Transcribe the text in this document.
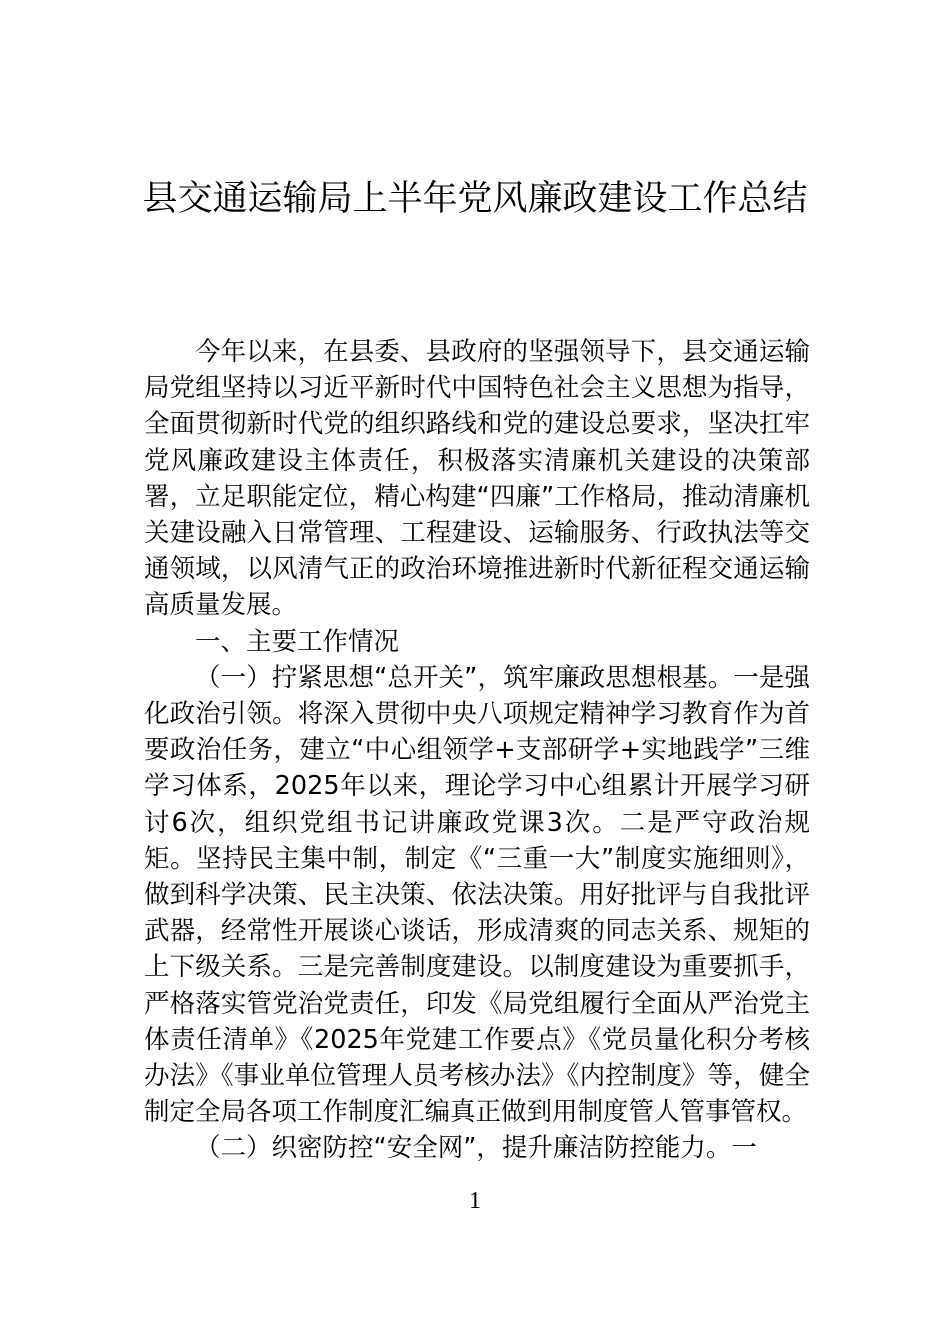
县交通运输局上半年党风廉政建设工作总结

今年以来，在县委、县政府的坚强领导下，县交通运输局党组坚持以习近平新时代中国特色社会主义思想为指导，全面贯彻新时代党的组织路线和党的建设总要求，坚决扛牢党风廉政建设主体责任，积极落实清廉机关建设的决策部署，立足职能定位，精心构建“四廉”工作格局，推动清廉机关建设融入日常管理、工程建设、运输服务、行政执法等交通领域，以风清气正的政治环境推进新时代新征程交通运输高质量发展。

一、主要工作情况

（一）拧紧思想“总开关”，筑牢廉政思想根基。一是强化政治引领。将深入贯彻中央八项规定精神学习教育作为首要政治任务，建立“中心组领学+支部研学+实地践学”三维学习体系，2025年以来，理论学习中心组累计开展学习研讨6次，组织党组书记讲廉政党课3次。二是严守政治规矩。坚持民主集中制，制定《“三重一大”制度实施细则》，做到科学决策、民主决策、依法决策。用好批评与自我批评武器，经常性开展谈心谈话，形成清爽的同志关系、规矩的上下级关系。三是完善制度建设。以制度建设为重要抓手，严格落实管党治党责任，印发《局党组履行全面从严治党主体责任清单》《2025年党建工作要点》《党员量化积分考核办法》《事业单位管理人员考核办法》《内控制度》等，健全制定全局各项工作制度汇编真正做到用制度管人管事管权。

（二）织密防控“安全网”，提升廉洁防控能力。一

1
